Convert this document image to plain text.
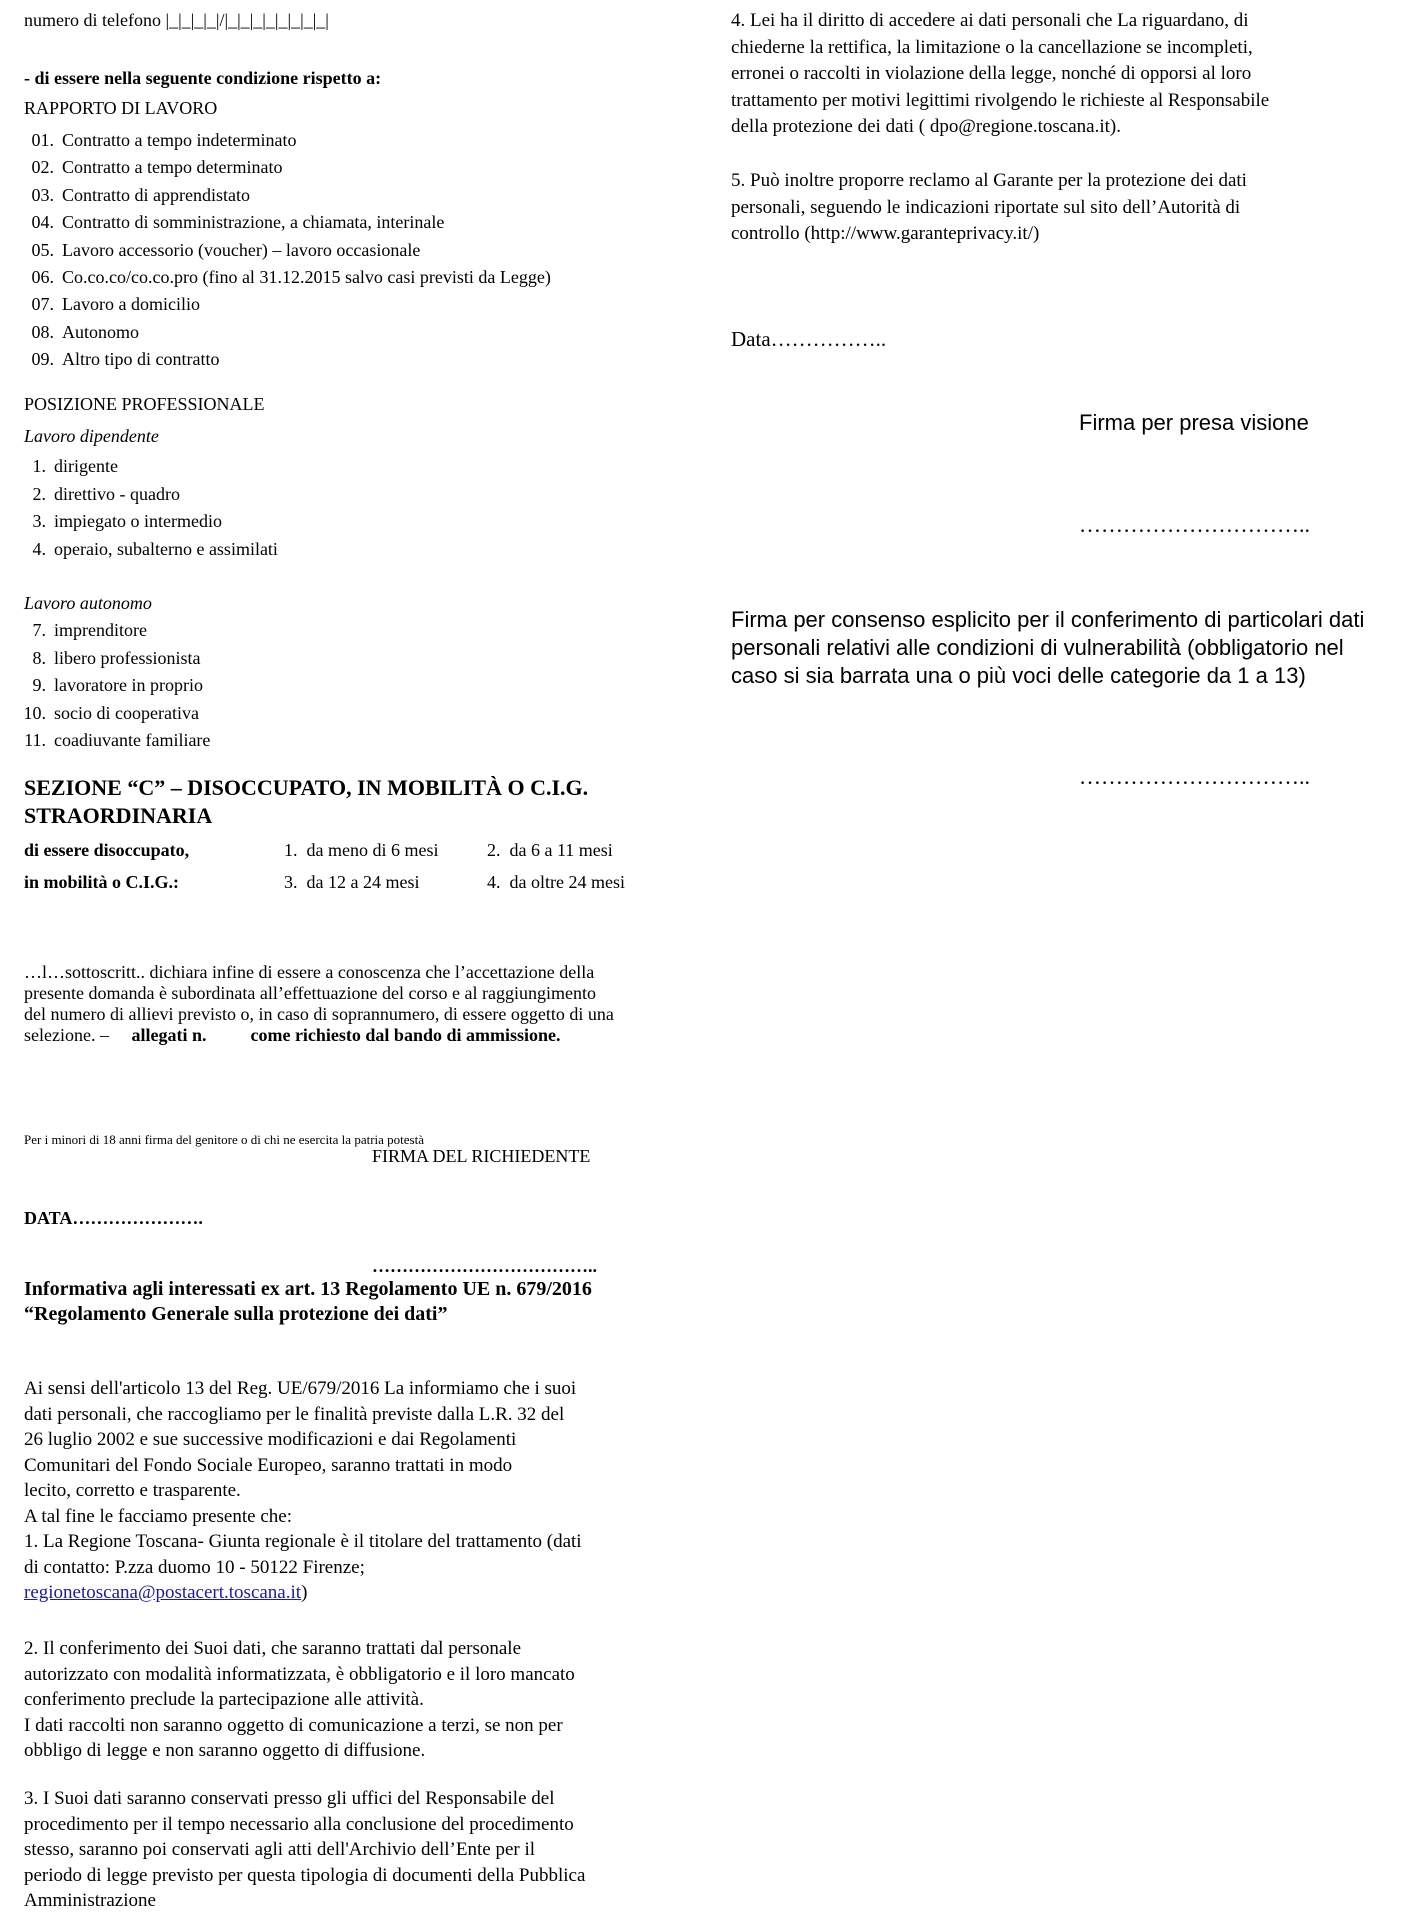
numero di telefono |_|_|_|_|/|_|_|_|_|_|_|_|_|
- di essere nella seguente condizione rispetto a:
RAPPORTO DI LAVORO
01. Contratto a tempo indeterminato
02. Contratto a tempo determinato
03. Contratto di apprendistato
04. Contratto di somministrazione, a chiamata, interinale
05. Lavoro accessorio (voucher) – lavoro occasionale
06. Co.co.co/co.co.pro (fino al 31.12.2015 salvo casi previsti da Legge)
07. Lavoro a domicilio
08. Autonomo
09. Altro tipo di contratto
POSIZIONE PROFESSIONALE
Lavoro dipendente
1. dirigente
2. direttivo - quadro
3. impiegato o intermedio
4. operaio, subalterno e assimilati
Lavoro autonomo
7. imprenditore
8. libero professionista
9. lavoratore in proprio
10. socio di cooperativa
11. coadiuvante familiare
SEZIONE “C” – DISOCCUPATO, IN MOBILITÀ O C.I.G.
STRAORDINARIA
di essere disoccupato,
in mobilità o C.I.G.:
1. da meno di 6 mesi	2. da 6 a 11 mesi
3. da 12 a 24 mesi	4. da oltre 24 mesi
…l…sottoscritt.. dichiara infine di essere a conoscenza che l’accettazione della
presente domanda è subordinata all’effettuazione del corso e al raggiungimento
del numero di allievi previsto o, in caso di soprannumero, di essere oggetto di una
selezione. – allegati n. come richiesto dal bando di ammissione.
Per i minori di 18 anni firma del genitore o di chi ne esercita la patria potestà
FIRMA DEL RICHIEDENTE
DATA………………….
………………………………..
Informativa agli interessati ex art. 13 Regolamento UE n. 679/2016
“Regolamento Generale sulla protezione dei dati”
Ai sensi dell'articolo 13 del Reg. UE/679/2016 La informiamo che i suoi
dati personali, che raccogliamo per le finalità previste dalla L.R. 32 del
26 luglio 2002 e sue successive modificazioni e dai Regolamenti
Comunitari del Fondo Sociale Europeo, saranno trattati in modo
lecito, corretto e trasparente.
A tal fine le facciamo presente che:
1. La Regione Toscana- Giunta regionale è il titolare del trattamento (dati
di contatto: P.zza duomo 10 - 50122 Firenze;
regionetoscana@postacert.toscana.it)
2. Il conferimento dei Suoi dati, che saranno trattati dal personale
autorizzato con modalità informatizzata, è obbligatorio e il loro mancato
conferimento preclude la partecipazione alle attività.
I dati raccolti non saranno oggetto di comunicazione a terzi, se non per
obbligo di legge e non saranno oggetto di diffusione.
3. I Suoi dati saranno conservati presso gli uffici del Responsabile del
procedimento per il tempo necessario alla conclusione del procedimento
stesso, saranno poi conservati agli atti dell'Archivio dell’Ente per il
periodo di legge previsto per questa tipologia di documenti della Pubblica
Amministrazione
4. Lei ha il diritto di accedere ai dati personali che La riguardano, di
chiederne la rettifica, la limitazione o la cancellazione se incompleti,
erronei o raccolti in violazione della legge, nonché di opporsi al loro
trattamento per motivi legittimi rivolgendo le richieste al Responsabile
della protezione dei dati ( dpo@regione.toscana.it).
5. Può inoltre proporre reclamo al Garante per la protezione dei dati
personali, seguendo le indicazioni riportate sul sito dell’Autorità di
controllo (http://www.garanteprivacy.it/)
Data……………..
Firma per presa visione
…………………………..
Firma per consenso esplicito per il conferimento di particolari dati
personali relativi alle condizioni di vulnerabilità (obbligatorio nel
caso si sia barrata una o più voci delle categorie da 1 a 13)
…………………………..
